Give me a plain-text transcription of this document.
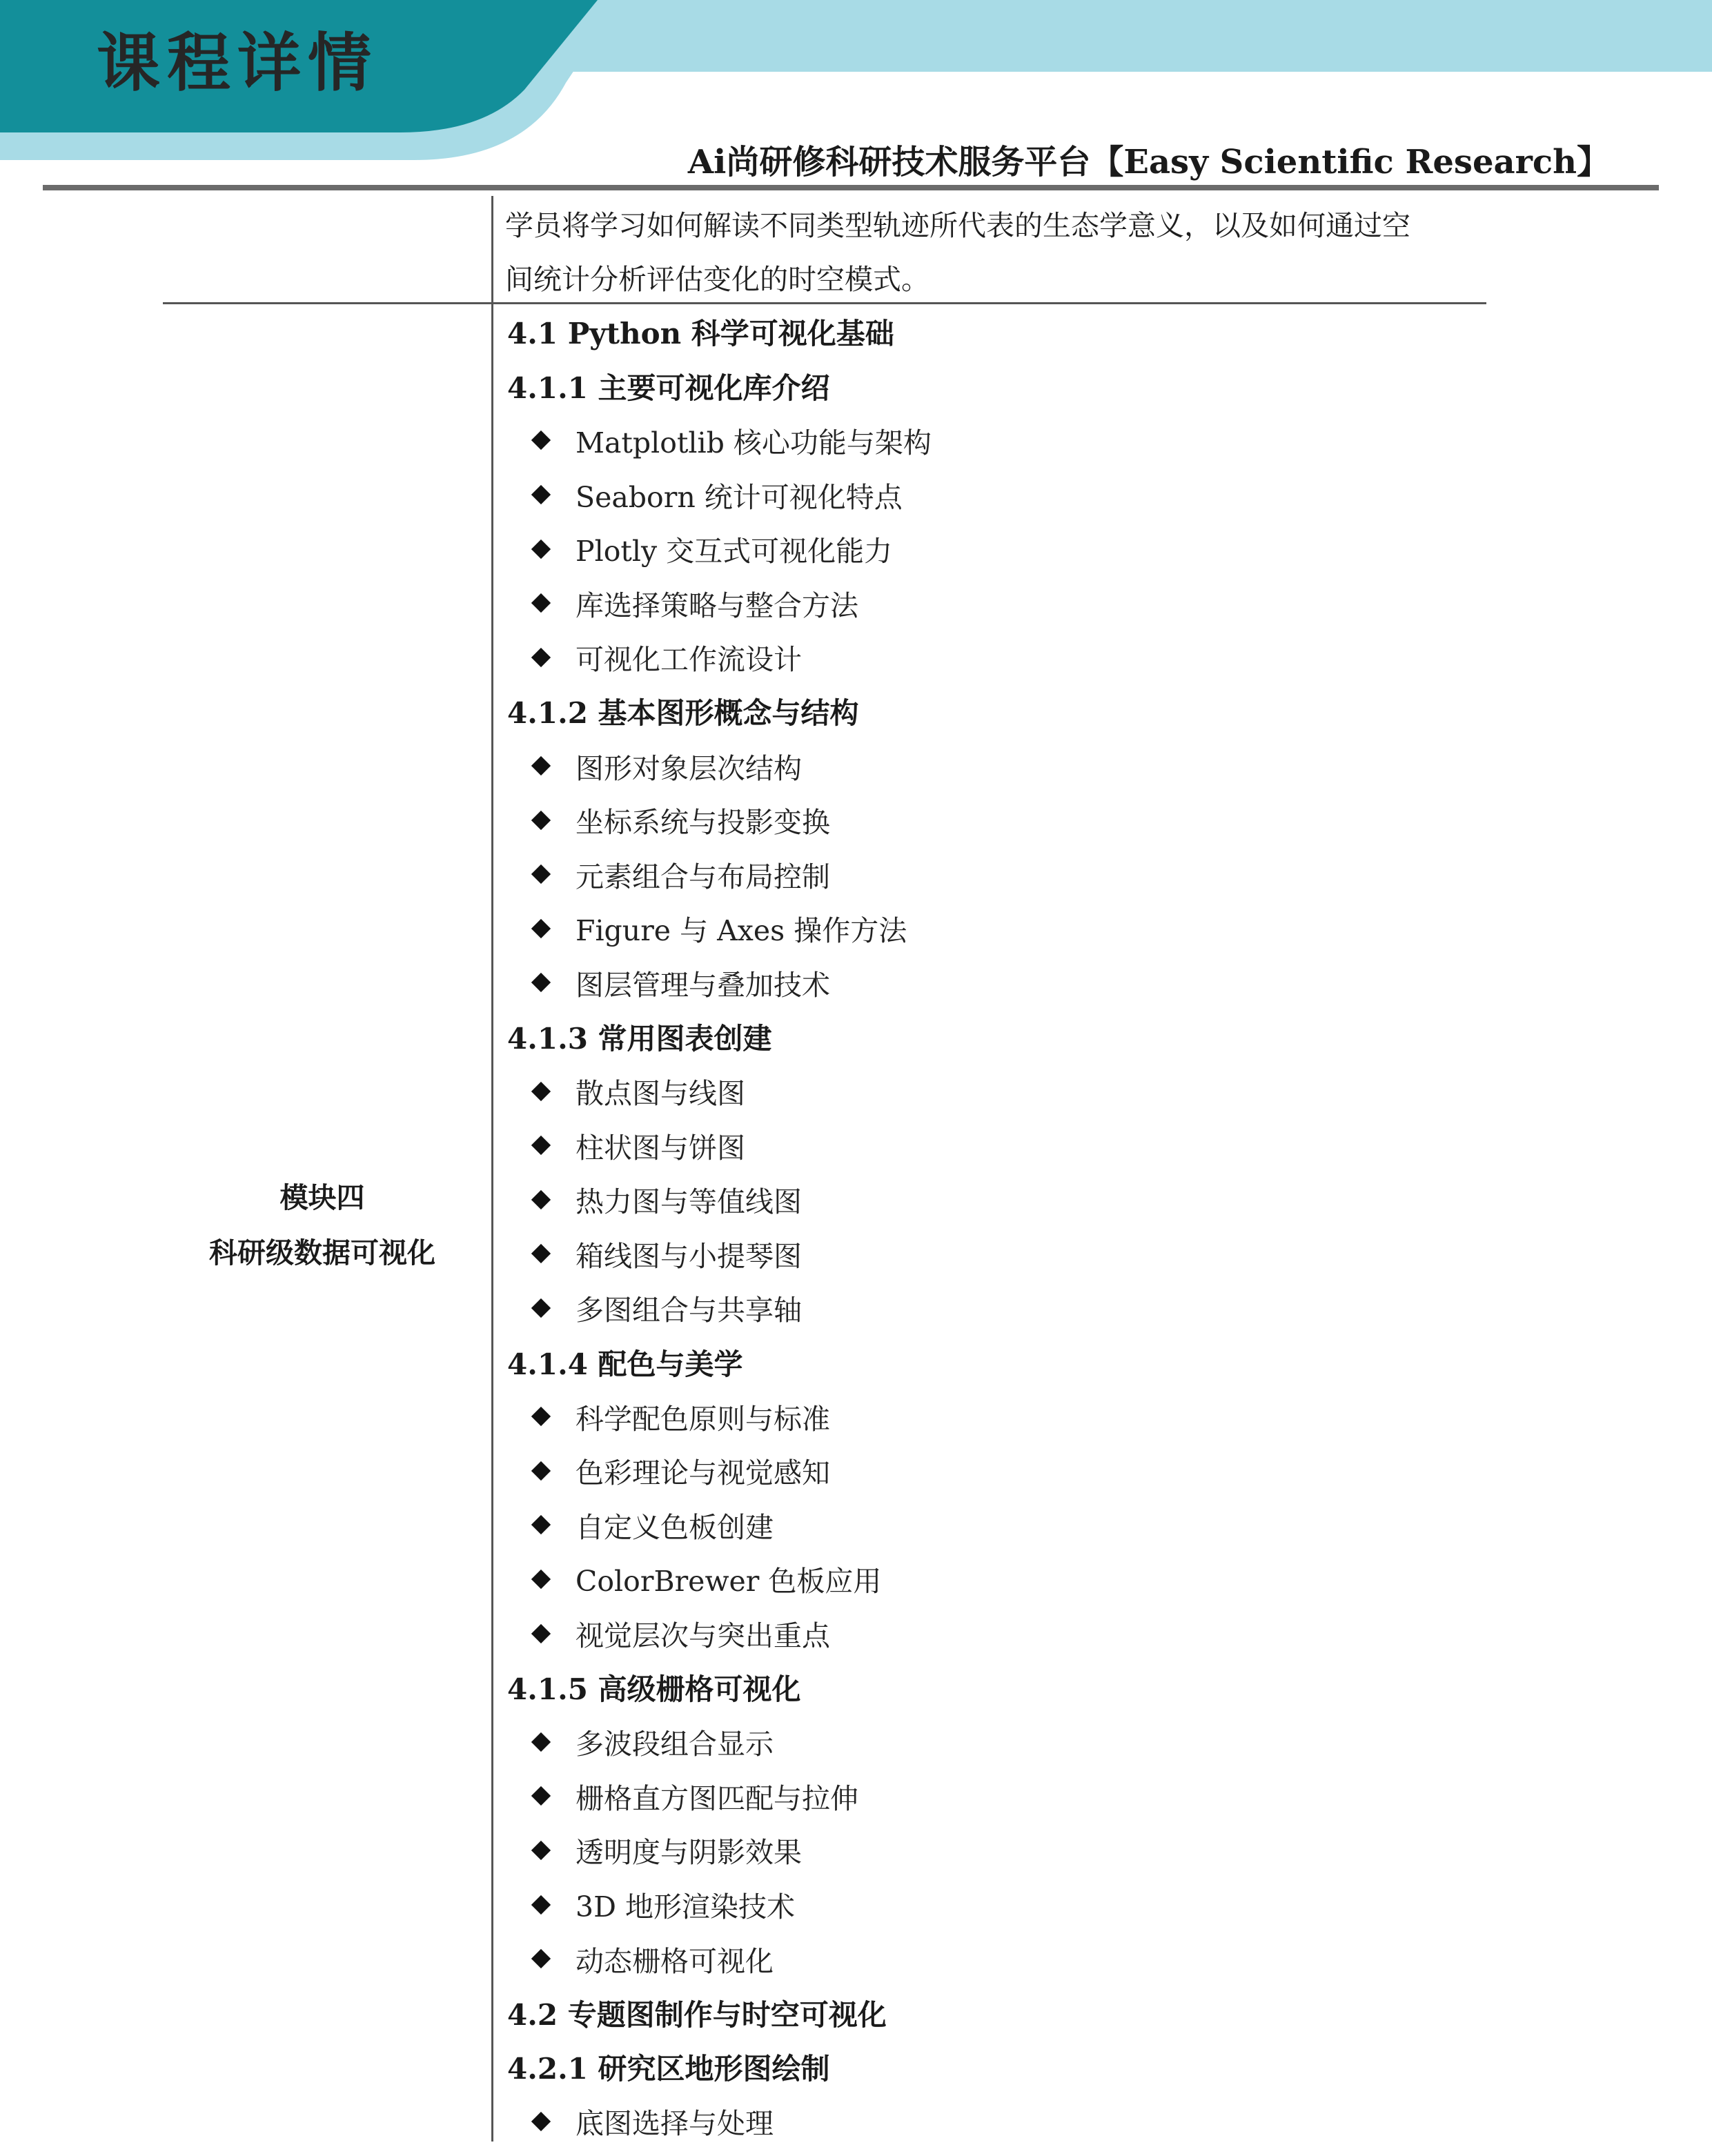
课程详情
Ai尚研修科研技术服务平台【Easy Scientific Research】
学员将学习如何解读不同类型轨迹所代表的生态学意义，以及如何通过空
间统计分析评估变化的时空模式。
模块四
科研级数据可视化
4.1 Python 科学可视化基础
4.1.1 主要可视化库介绍
Matplotlib 核心功能与架构
Seaborn 统计可视化特点
Plotly 交互式可视化能力
库选择策略与整合方法
可视化工作流设计
4.1.2 基本图形概念与结构
图形对象层次结构
坐标系统与投影变换
元素组合与布局控制
Figure 与 Axes 操作方法
图层管理与叠加技术
4.1.3 常用图表创建
散点图与线图
柱状图与饼图
热力图与等值线图
箱线图与小提琴图
多图组合与共享轴
4.1.4 配色与美学
科学配色原则与标准
色彩理论与视觉感知
自定义色板创建
ColorBrewer 色板应用
视觉层次与突出重点
4.1.5 高级栅格可视化
多波段组合显示
栅格直方图匹配与拉伸
透明度与阴影效果
3D 地形渲染技术
动态栅格可视化
4.2 专题图制作与时空可视化
4.2.1 研究区地形图绘制
底图选择与处理
